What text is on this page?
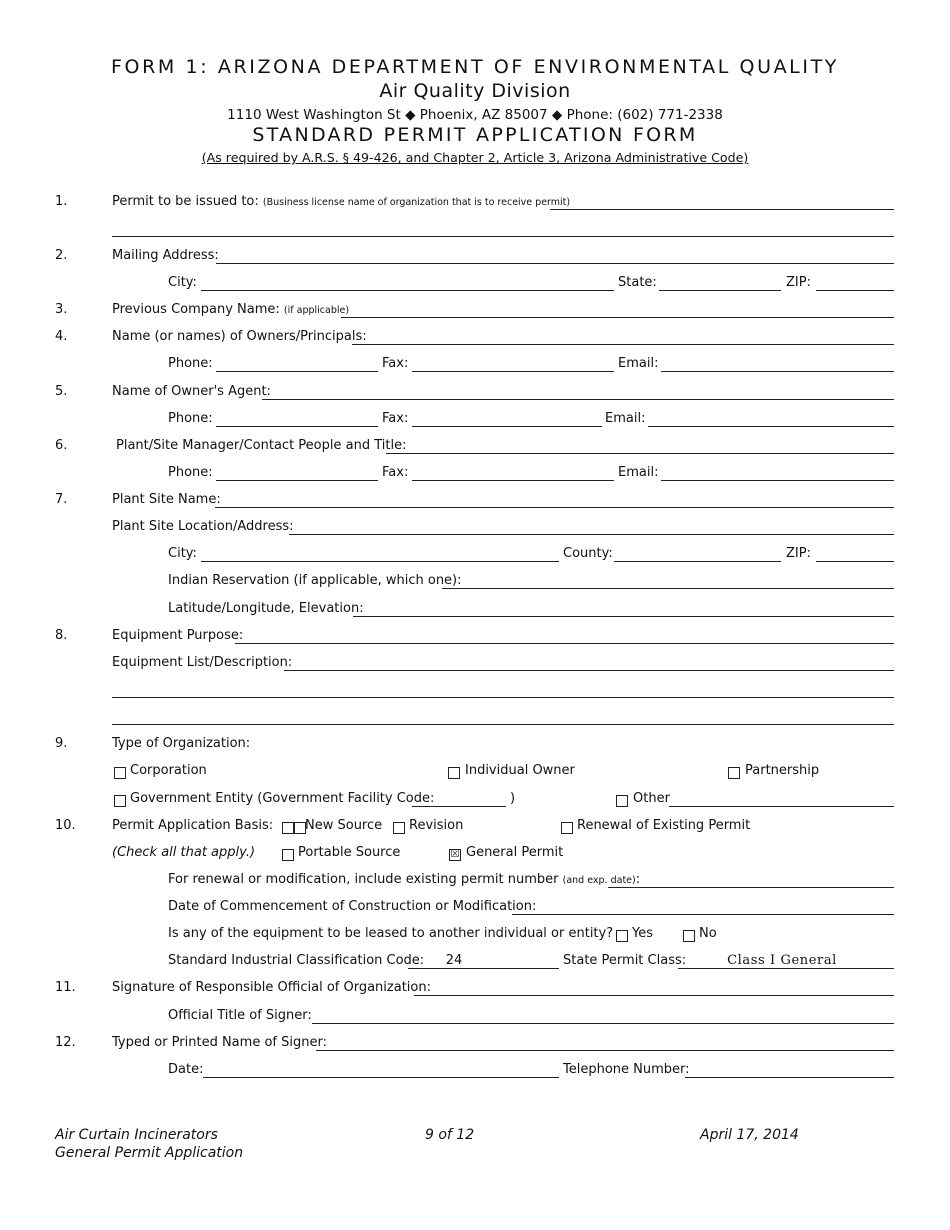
FORM 1: ARIZONA DEPARTMENT OF ENVIRONMENTAL QUALITY
Air Quality Division
1110 West Washington St ◆ Phoenix, AZ 85007 ◆ Phone: (602) 771-2338
STANDARD PERMIT APPLICATION FORM
(As required by A.R.S. § 49-426, and Chapter 2, Article 3, Arizona Administrative Code)
1.	Permit to be issued to: (Business license name of organization that is to receive permit)
2.	Mailing Address:
City:	State:	ZIP:
3.	Previous Company Name: (if applicable)
4.	Name (or names) of Owners/Principals:
Phone:	Fax:	Email:
5.	Name of Owner's Agent:
Phone:	Fax:	Email:
6.	Plant/Site Manager/Contact People and Title:
Phone:	Fax:	Email:
7.	Plant Site Name:
Plant Site Location/Address:
City:	County:	ZIP:
Indian Reservation (if applicable, which one):
Latitude/Longitude, Elevation:
8.	Equipment Purpose:
Equipment List/Description:
9.	Type of Organization:
Corporation	Individual Owner	Partnership
Government Entity (Government Facility Code:	)	Other
10.	Permit Application Basis: New Source Revision	Renewal of Existing Permit
(Check all that apply.)	Portable Source	☒ General Permit
For renewal or modification, include existing permit number (and exp. date):
Date of Commencement of Construction or Modification:
Is any of the equipment to be leased to another individual or entity? Yes	No
Standard Industrial Classification Code:	24	State Permit Class:	Class I General
11.	Signature of Responsible Official of Organization:
Official Title of Signer:
12.	Typed or Printed Name of Signer:
Date:	Telephone Number:
Air Curtain Incinerators
General Permit Application
9 of 12	April 17, 2014
